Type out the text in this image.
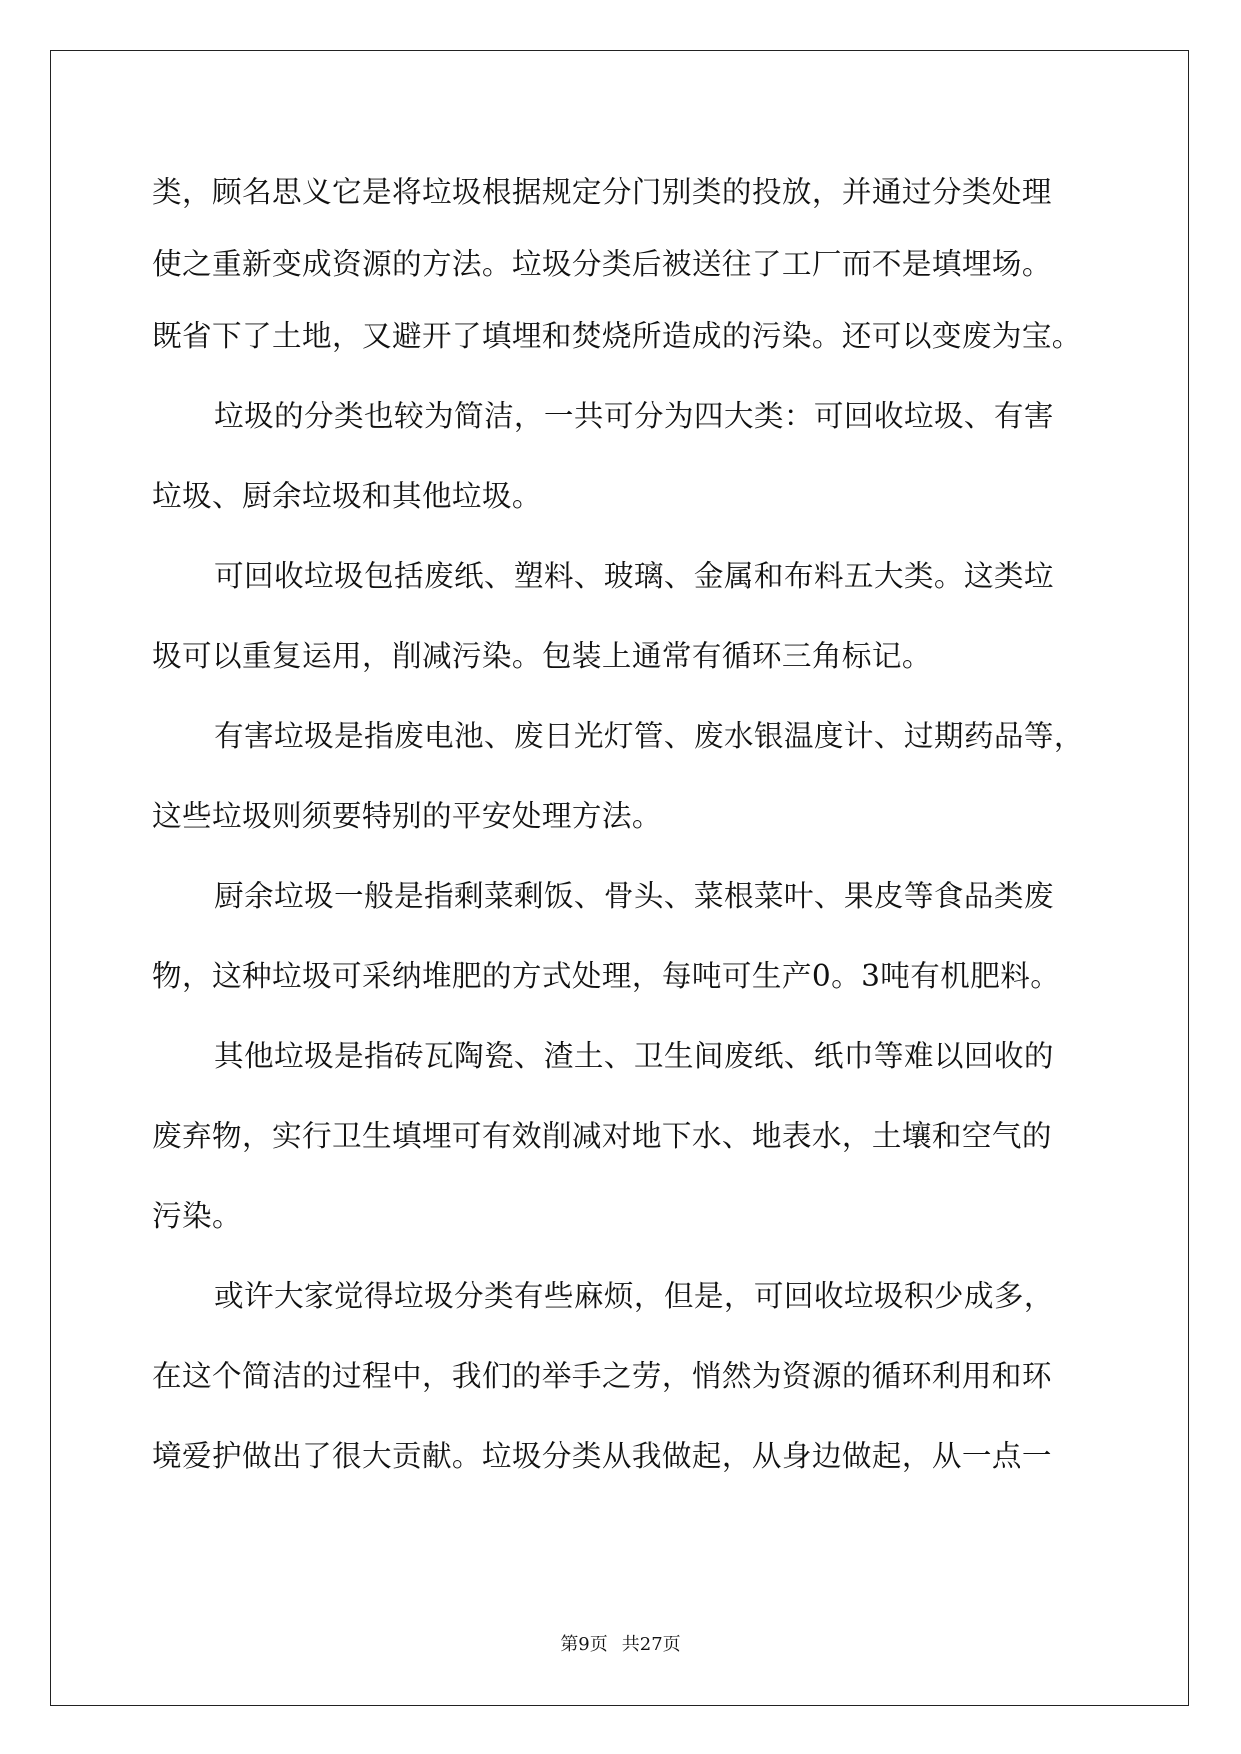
类，顾名思义它是将垃圾根据规定分门别类的投放，并通过分类处理
使之重新变成资源的方法。垃圾分类后被送往了工厂而不是填埋场。
既省下了土地，又避开了填埋和焚烧所造成的污染。还可以变废为宝。
垃圾的分类也较为简洁，一共可分为四大类：可回收垃圾、有害
垃圾、厨余垃圾和其他垃圾。
可回收垃圾包括废纸、塑料、玻璃、金属和布料五大类。这类垃
圾可以重复运用，削减污染。包装上通常有循环三角标记。
有害垃圾是指废电池、废日光灯管、废水银温度计、过期药品等，
这些垃圾则须要特别的平安处理方法。
厨余垃圾一般是指剩菜剩饭、骨头、菜根菜叶、果皮等食品类废
物，这种垃圾可采纳堆肥的方式处理，每吨可生产0。3吨有机肥料。
其他垃圾是指砖瓦陶瓷、渣土、卫生间废纸、纸巾等难以回收的
废弃物，实行卫生填埋可有效削减对地下水、地表水，土壤和空气的
污染。
或许大家觉得垃圾分类有些麻烦，但是，可回收垃圾积少成多，
在这个简洁的过程中，我们的举手之劳，悄然为资源的循环利用和环
境爱护做出了很大贡献。垃圾分类从我做起，从身边做起，从一点一
第9页 共27页
